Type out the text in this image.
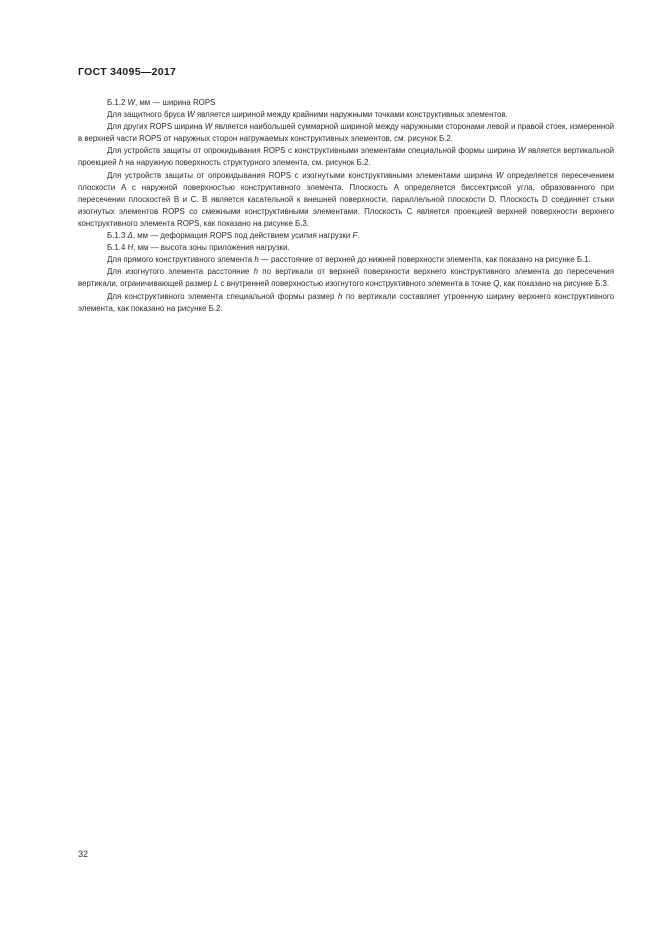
ГОСТ 34095—2017

Б.1.2 W, мм — ширина ROPS

Для защитного бруса W является шириной между крайними наружными точками конструктивных элементов.

Для других ROPS ширина W является наибольшей суммарной шириной между наружными сторонами левой и правой стоек, измеренной в верхней части ROPS от наружных сторон нагружаемых конструктивных элементов, см. рисунок Б.2.

Для устройств защиты от опрокидывания ROPS с конструктивными элементами специальной формы ширина W является вертикальной проекцией h на наружную поверхность структурного элемента, см. рисунок Б.2.

Для устройств защиты от опрокидывания ROPS с изогнутыми конструктивными элементами ширина W определяется пересечением плоскости A с наружной поверхностью конструктивного элемента. Плоскость A определяется биссектрисой угла, образованного при пересечении плоскостей B и C. B является касательной к внешней поверхности, параллельной плоскости D. Плоскость D соединяет стыки изогнутых элементов ROPS со смежными конструктивными элементами. Плоскость C является проекцией верхней поверхности верхнего конструктивного элемента ROPS, как показано на рисунке Б.3.

Б.1.3 Δ, мм — деформация ROPS под действием усилия нагрузки F.

Б.1.4 H, мм — высота зоны приложения нагрузки.

Для прямого конструктивного элемента h — расстояние от верхней до нижней поверхности элемента, как показано на рисунке Б.1.

Для изогнутого элемента расстояние h по вертикали от верхней поверхности верхнего конструктивного элемента до пересечения вертикали, ограничивающей размер L с внутренней поверхностью изогнутого конструктивного элемента в точке Q, как показано на рисунке Б.3.

Для конструктивного элемента специальной формы размер h по вертикали составляет утроенную ширину верхнего конструктивного элемента, как показано на рисунке Б.2.

32
